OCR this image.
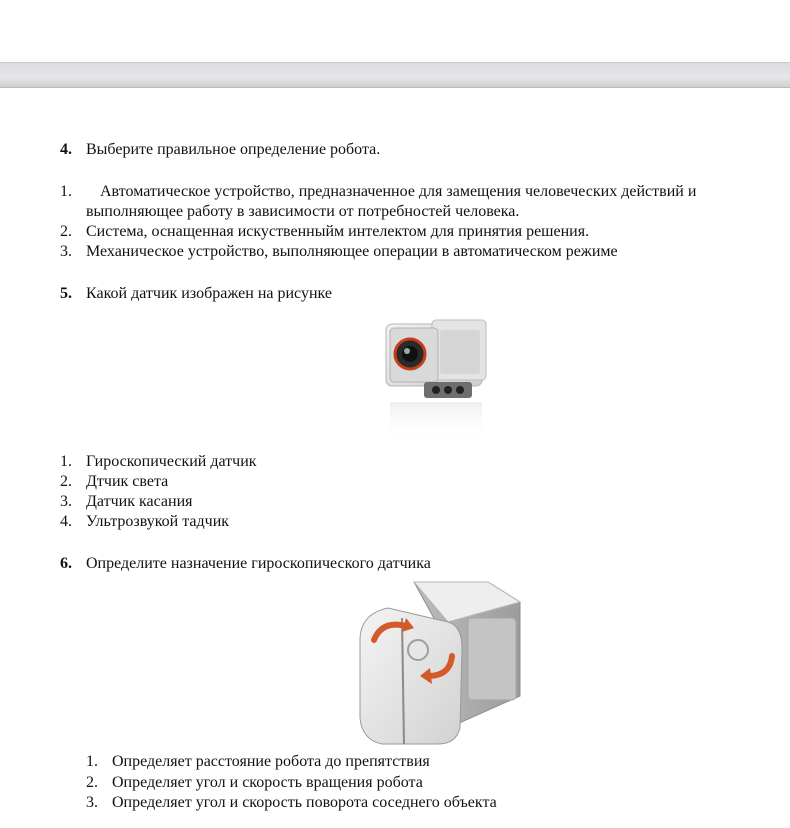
4. Выберите правильное определение робота.
1. Автоматическое устройство, предназначенное для замещения человеческих действий и
выполняющее работу в зависимости от потребностей человека.
2. Система, оснащенная искуственныйм интелектом для принятия решения.
3. Механическое устройство, выполняющее операции в автоматическом режиме
5. Какой датчик изображен на рисунке
1. Гироскопический датчик
2. Дтчик света
3. Датчик касания
4. Ультрозвукой тадчик
6. Определите назначение гироскопического датчика
1. Определяет расстояние робота до препятствия
2. Определяет угол и скорость вращения робота
3. Определяет угол и скорость поворота соседнего объекта
